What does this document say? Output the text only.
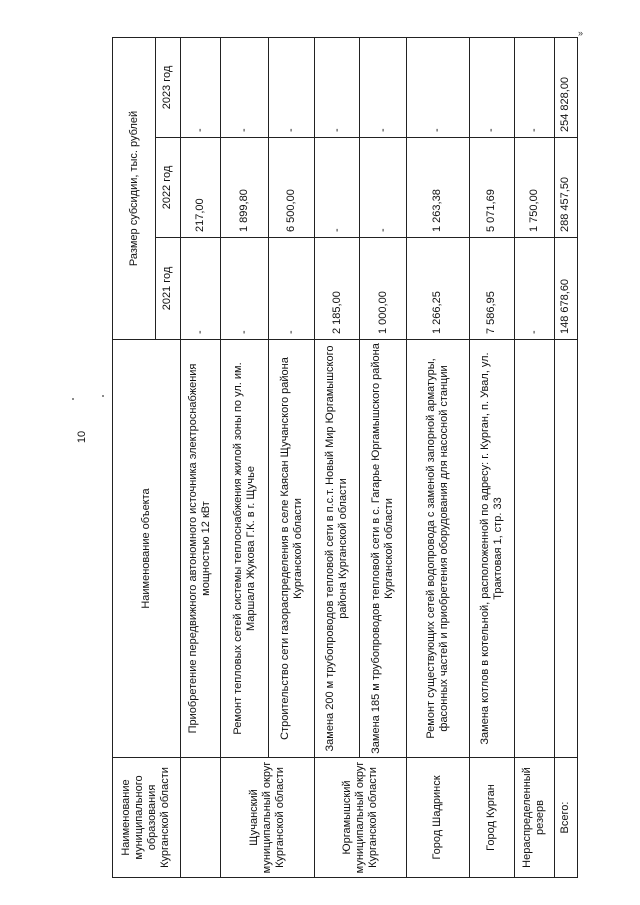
10
»
Наименование муниципального образования Курганской области	Наименование объекта	Размер субсидии, тыс. рублей		
		2021 год	2022 год	2023 год
	Приобретение передвижного автономного источника электроснабжения мощностью 12 кВт	-	217,00	-
Щучанский муниципальный округ Курганской области	Ремонт тепловых сетей системы теплоснабжения жилой зоны по ул. им. Маршала Жукова Г.К. в г. Щучье	-	1 899,80	-
	Строительство сети газораспределения в селе Каясан Щучанского района Курганской области	-	6 500,00	-
Юргамышский муниципальный округ Курганской области	Замена 200 м трубопроводов тепловой сети в п.с.т. Новый Мир Юргамышского района Курганской области	2 185,00	-	-
	Замена 185 м трубопроводов тепловой сети в с. Гагарье Юргамышского района Курганской области	1 000,00	-	-
Город Шадринск	Ремонт существующих сетей водопровода с заменой запорной арматуры, фасонных частей и приобретения оборудования для насосной станции	1 266,25	1 263,38	-
Город Курган	Замена котлов в котельной, расположенной по адресу: г. Курган, п. Увал, ул. Трактовая 1, стр. 33	7 586,95	5 071,69	-
Нераспределенный резерв		-	1 750,00	-
Всего:		148 678,60	288 457,50	254 828,00
